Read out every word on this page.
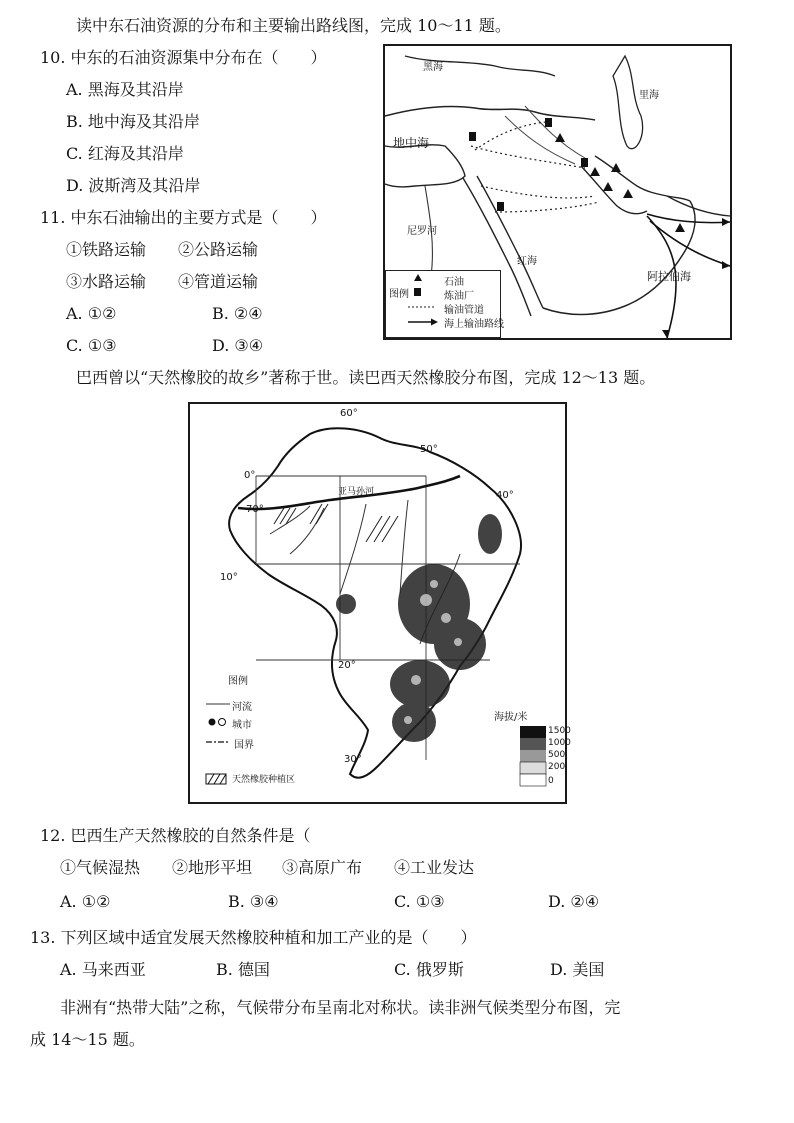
读中东石油资源的分布和主要输出路线图，完成 10～11 题。
10. 中东的石油资源集中分布在（　　）
A. 黑海及其沿岸
B. 地中海及其沿岸
C. 红海及其沿岸
D. 波斯湾及其沿岸
11. 中东石油输出的主要方式是（　　）
①铁路运输 ②公路运输
③水路运输 ④管道运输
A. ①②	B. ②④
C. ①③	D. ③④
黑海
里海
地中海
红海
阿拉伯海
尼罗河
图例
石油
炼油厂
输油管道
海上输油路线
巴西曾以“天然橡胶的故乡”著称于世。读巴西天然橡胶分布图，完成 12～13 题。
60°
50°
40°
70°
0°
10°
20°
30°
亚马孙河
图例
河流
城市
国界
天然橡胶种植区
海拔/米
1500
1000
500
200
0
12. 巴西生产天然橡胶的自然条件是（
①气候湿热 ②地形平坦 ③高原广布 ④工业发达
A. ①②	B. ③④	C. ①③	D. ②④
13. 下列区域中适宜发展天然橡胶种植和加工产业的是（　　）
A. 马来西亚	B. 德国	C. 俄罗斯	D. 美国
非洲有“热带大陆”之称，气候带分布呈南北对称状。读非洲气候类型分布图，完
成 14～15 题。
